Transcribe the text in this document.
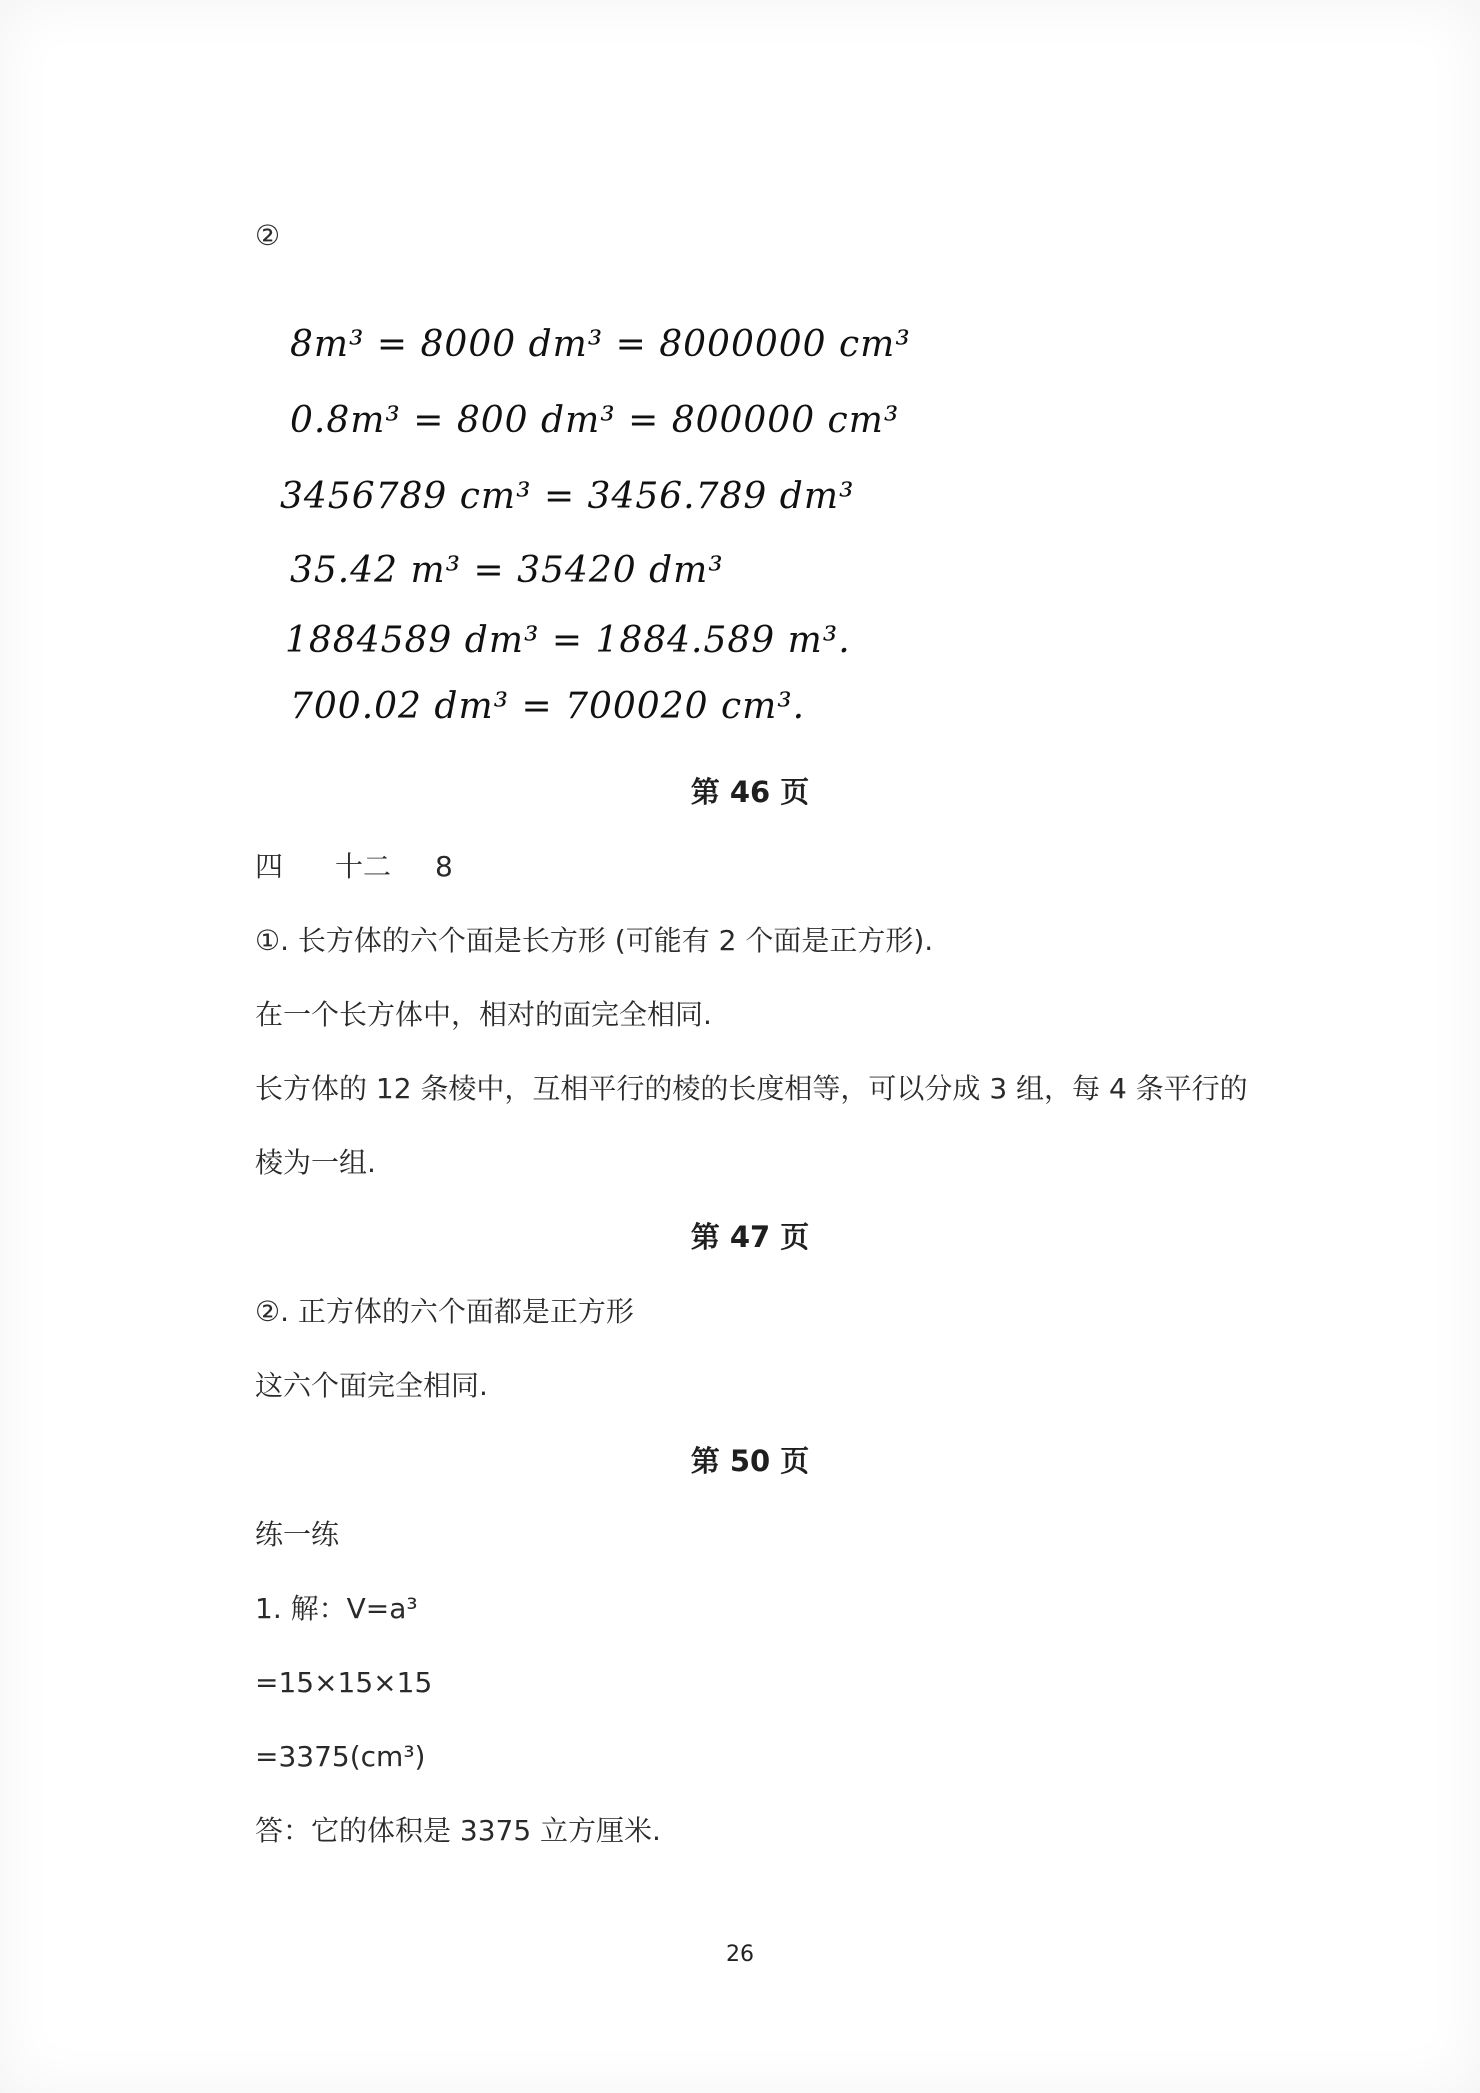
②
8m³ = 8000 dm³ = 8000000 cm³
0.8m³ = 800 dm³ = 800000 cm³
3456789 cm³ = 3456.789 dm³
35.42 m³ = 35420 dm³
1884589 dm³ = 1884.589 m³.
700.02 dm³ = 700020 cm³.
第 46 页
四 十二 8
①. 长方体的六个面是长方形 (可能有 2 个面是正方形).
在一个长方体中，相对的面完全相同.
长方体的 12 条棱中，互相平行的棱的长度相等，可以分成 3 组，每 4 条平行的
棱为一组.
第 47 页
②. 正方体的六个面都是正方形
这六个面完全相同.
第 50 页
练一练
1. 解：V=a³
=15×15×15
=3375(cm³)
答：它的体积是 3375 立方厘米.
26
